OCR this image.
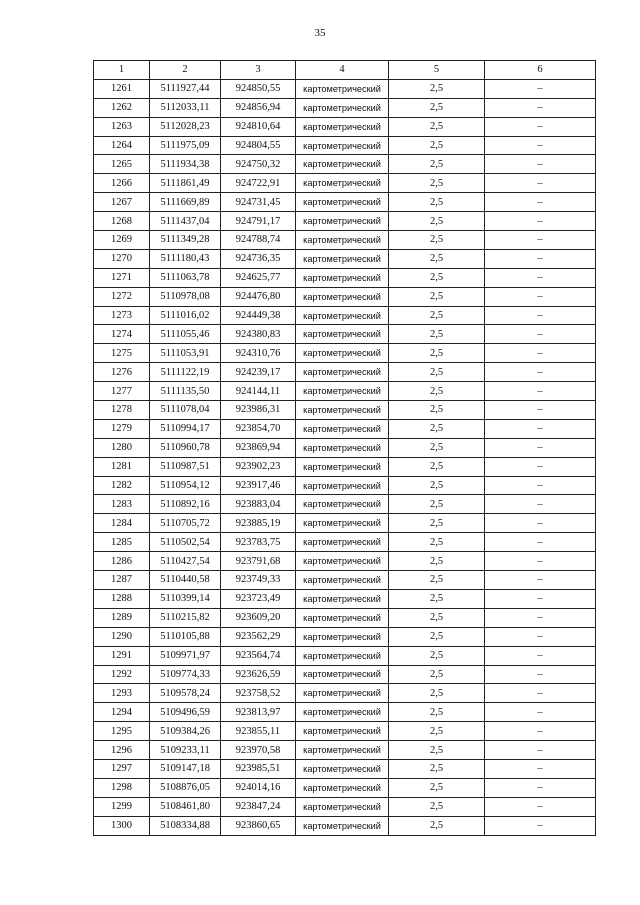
35
1	2	3	4	5	6
1261	5111927,44	924850,55	картометрический	2,5	–
1262	5112033,11	924856,94	картометрический	2,5	–
1263	5112028,23	924810,64	картометрический	2,5	–
1264	5111975,09	924804,55	картометрический	2,5	–
1265	5111934,38	924750,32	картометрический	2,5	–
1266	5111861,49	924722,91	картометрический	2,5	–
1267	5111669,89	924731,45	картометрический	2,5	–
1268	5111437,04	924791,17	картометрический	2,5	–
1269	5111349,28	924788,74	картометрический	2,5	–
1270	5111180,43	924736,35	картометрический	2,5	–
1271	5111063,78	924625,77	картометрический	2,5	–
1272	5110978,08	924476,80	картометрический	2,5	–
1273	5111016,02	924449,38	картометрический	2,5	–
1274	5111055,46	924380,83	картометрический	2,5	–
1275	5111053,91	924310,76	картометрический	2,5	–
1276	5111122,19	924239,17	картометрический	2,5	–
1277	5111135,50	924144,11	картометрический	2,5	–
1278	5111078,04	923986,31	картометрический	2,5	–
1279	5110994,17	923854,70	картометрический	2,5	–
1280	5110960,78	923869,94	картометрический	2,5	–
1281	5110987,51	923902,23	картометрический	2,5	–
1282	5110954,12	923917,46	картометрический	2,5	–
1283	5110892,16	923883,04	картометрический	2,5	–
1284	5110705,72	923885,19	картометрический	2,5	–
1285	5110502,54	923783,75	картометрический	2,5	–
1286	5110427,54	923791,68	картометрический	2,5	–
1287	5110440,58	923749,33	картометрический	2,5	–
1288	5110399,14	923723,49	картометрический	2,5	–
1289	5110215,82	923609,20	картометрический	2,5	–
1290	5110105,88	923562,29	картометрический	2,5	–
1291	5109971,97	923564,74	картометрический	2,5	–
1292	5109774,33	923626,59	картометрический	2,5	–
1293	5109578,24	923758,52	картометрический	2,5	–
1294	5109496,59	923813,97	картометрический	2,5	–
1295	5109384,26	923855,11	картометрический	2,5	–
1296	5109233,11	923970,58	картометрический	2,5	–
1297	5109147,18	923985,51	картометрический	2,5	–
1298	5108876,05	924014,16	картометрический	2,5	–
1299	5108461,80	923847,24	картометрический	2,5	–
1300	5108334,88	923860,65	картометрический	2,5	–
